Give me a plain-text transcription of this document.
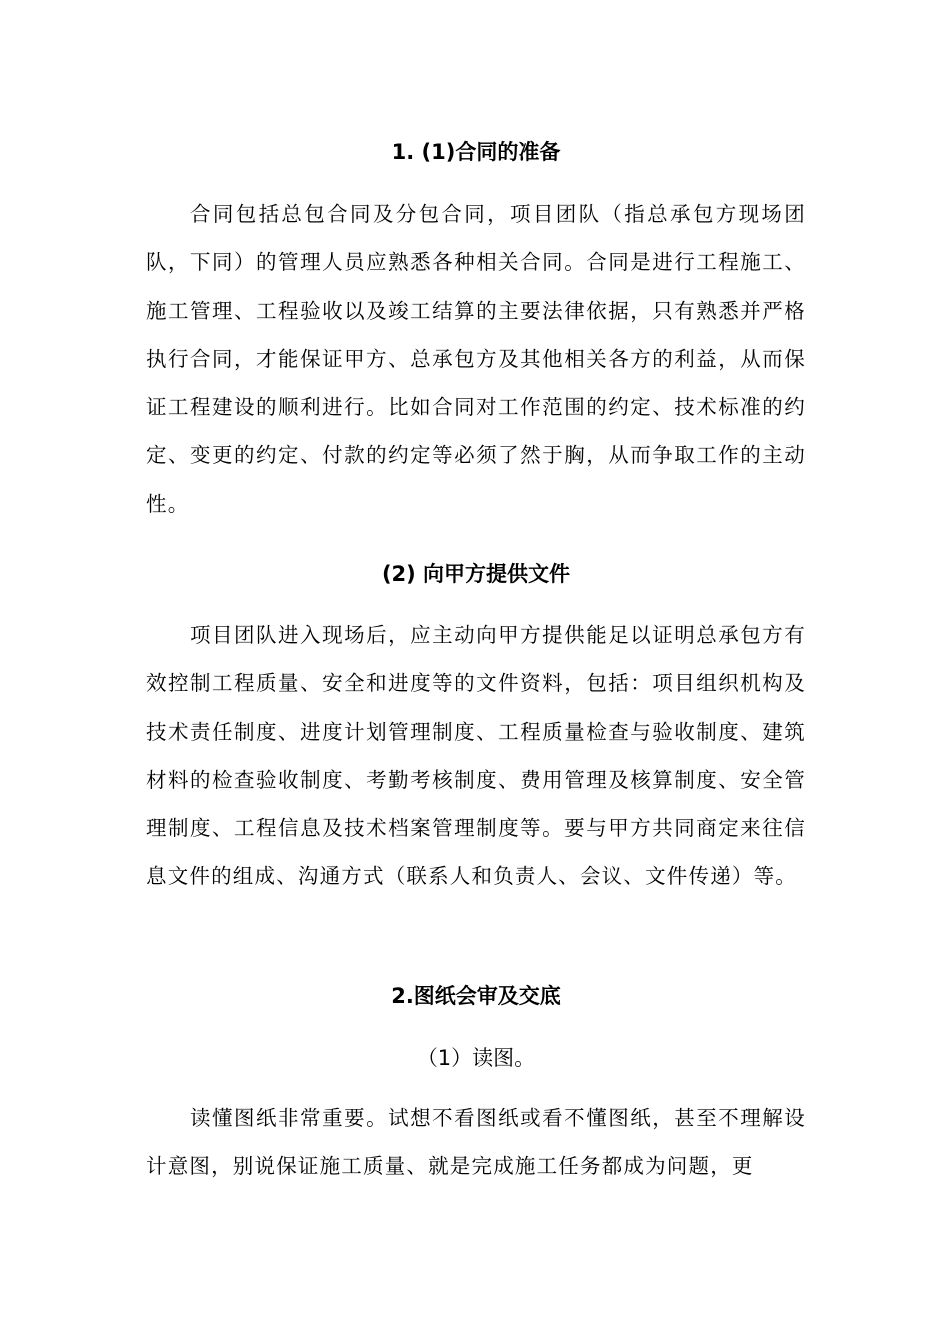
1. (1)合同的准备
合同包括总包合同及分包合同，项目团队（指总承包方现场团队，下同）的管理人员应熟悉各种相关合同。合同是进行工程施工、施工管理、工程验收以及竣工结算的主要法律依据，只有熟悉并严格执行合同，才能保证甲方、总承包方及其他相关各方的利益，从而保证工程建设的顺利进行。比如合同对工作范围的约定、技术标准的约定、变更的约定、付款的约定等必须了然于胸，从而争取工作的主动性。
(2) 向甲方提供文件
项目团队进入现场后，应主动向甲方提供能足以证明总承包方有效控制工程质量、安全和进度等的文件资料，包括：项目组织机构及技术责任制度、进度计划管理制度、工程质量检查与验收制度、建筑材料的检查验收制度、考勤考核制度、费用管理及核算制度、安全管理制度、工程信息及技术档案管理制度等。要与甲方共同商定来往信息文件的组成、沟通方式（联系人和负责人、会议、文件传递）等。
2.图纸会审及交底
（1）读图。
读懂图纸非常重要。试想不看图纸或看不懂图纸，甚至不理解设计意图，别说保证施工质量、就是完成施工任务都成为问题，更
